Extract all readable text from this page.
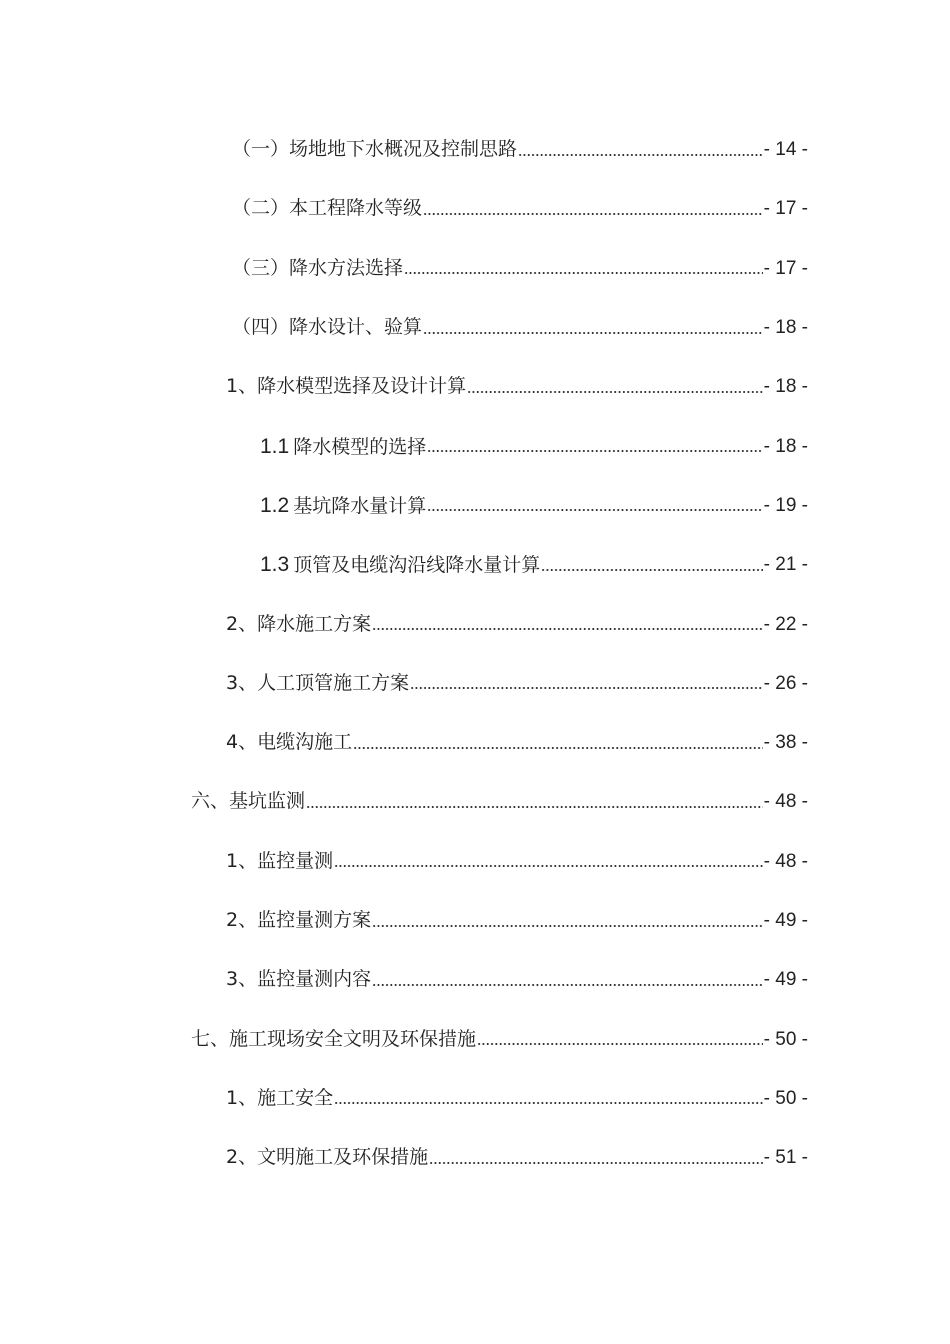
（一）场地地下水概况及控制思路	- 14 -
（二）本工程降水等级	- 17 -
（三）降水方法选择	- 17 -
（四）降水设计、验算	- 18 -
1、降水模型选择及设计计算	- 18 -
1.1 降水模型的选择	- 18 -
1.2 基坑降水量计算	- 19 -
1.3 顶管及电缆沟沿线降水量计算	- 21 -
2、降水施工方案	- 22 -
3、人工顶管施工方案	- 26 -
4、电缆沟施工	- 38 -
六、基坑监测	- 48 -
1、监控量测	- 48 -
2、监控量测方案	- 49 -
3、监控量测内容	- 49 -
七、施工现场安全文明及环保措施	- 50 -
1、施工安全	- 50 -
2、文明施工及环保措施	- 51 -
